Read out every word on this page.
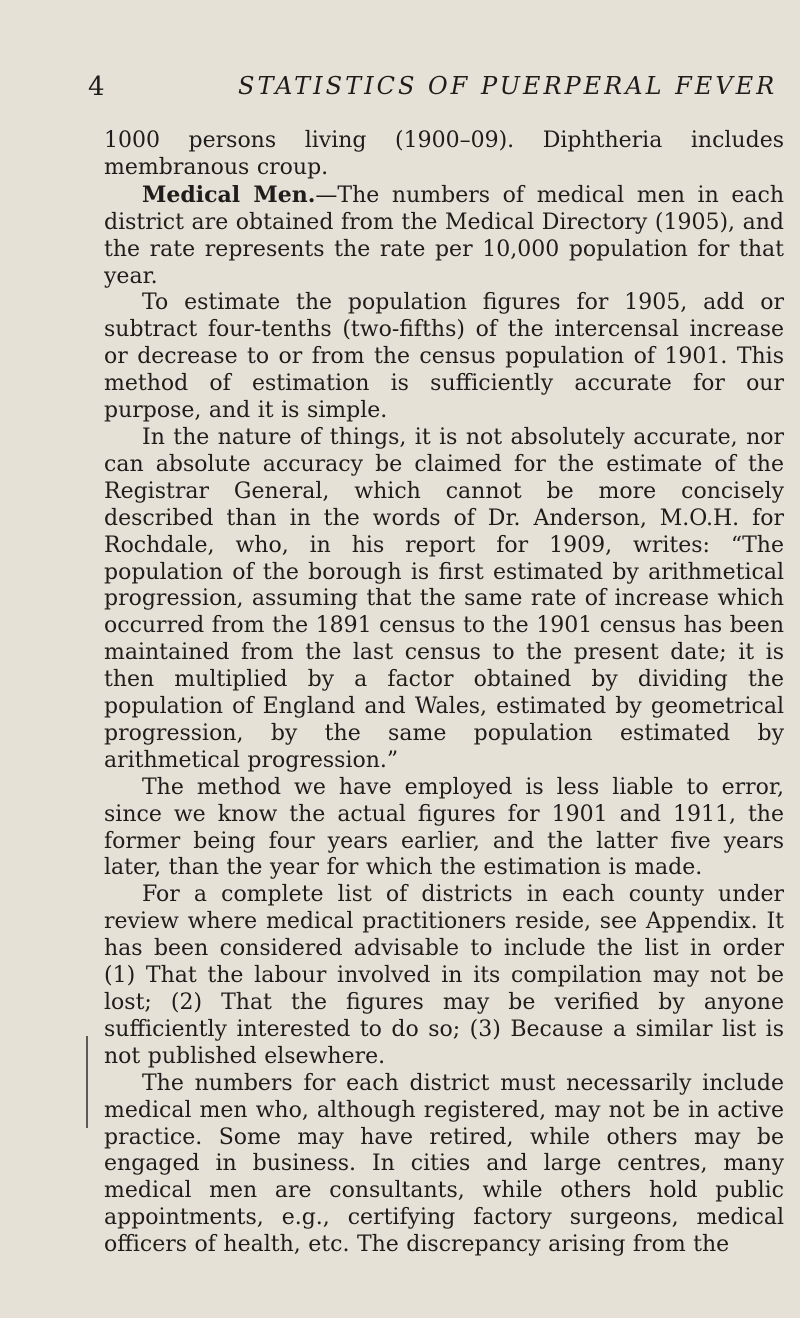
4	STATISTICS OF PUERPERAL FEVER

1000 persons living (1900–09). Diphtheria includes membranous croup.

Medical Men.—The numbers of medical men in each district are obtained from the Medical Directory (1905), and the rate represents the rate per 10,000 population for that year.

To estimate the population figures for 1905, add or subtract four-tenths (two-fifths) of the intercensal increase or decrease to or from the census population of 1901. This method of estimation is sufficiently accurate for our purpose, and it is simple.

In the nature of things, it is not absolutely accurate, nor can absolute accuracy be claimed for the estimate of the Registrar General, which cannot be more concisely described than in the words of Dr. Anderson, M.O.H. for Rochdale, who, in his report for 1909, writes: “The population of the borough is first estimated by arithmetical progression, assuming that the same rate of increase which occurred from the 1891 census to the 1901 census has been maintained from the last census to the present date; it is then multiplied by a factor obtained by dividing the population of England and Wales, estimated by geometrical progression, by the same population estimated by arithmetical progression.”

The method we have employed is less liable to error, since we know the actual figures for 1901 and 1911, the former being four years earlier, and the latter five years later, than the year for which the estimation is made.

For a complete list of districts in each county under review where medical practitioners reside, see Appendix. It has been considered advisable to include the list in order (1) That the labour involved in its compilation may not be lost; (2) That the figures may be verified by anyone sufficiently interested to do so; (3) Because a similar list is not published elsewhere.

The numbers for each district must necessarily include medical men who, although registered, may not be in active practice. Some may have retired, while others may be engaged in business. In cities and large centres, many medical men are consultants, while others hold public appointments, e.g., certifying factory surgeons, medical officers of health, etc. The discrepancy arising from the
